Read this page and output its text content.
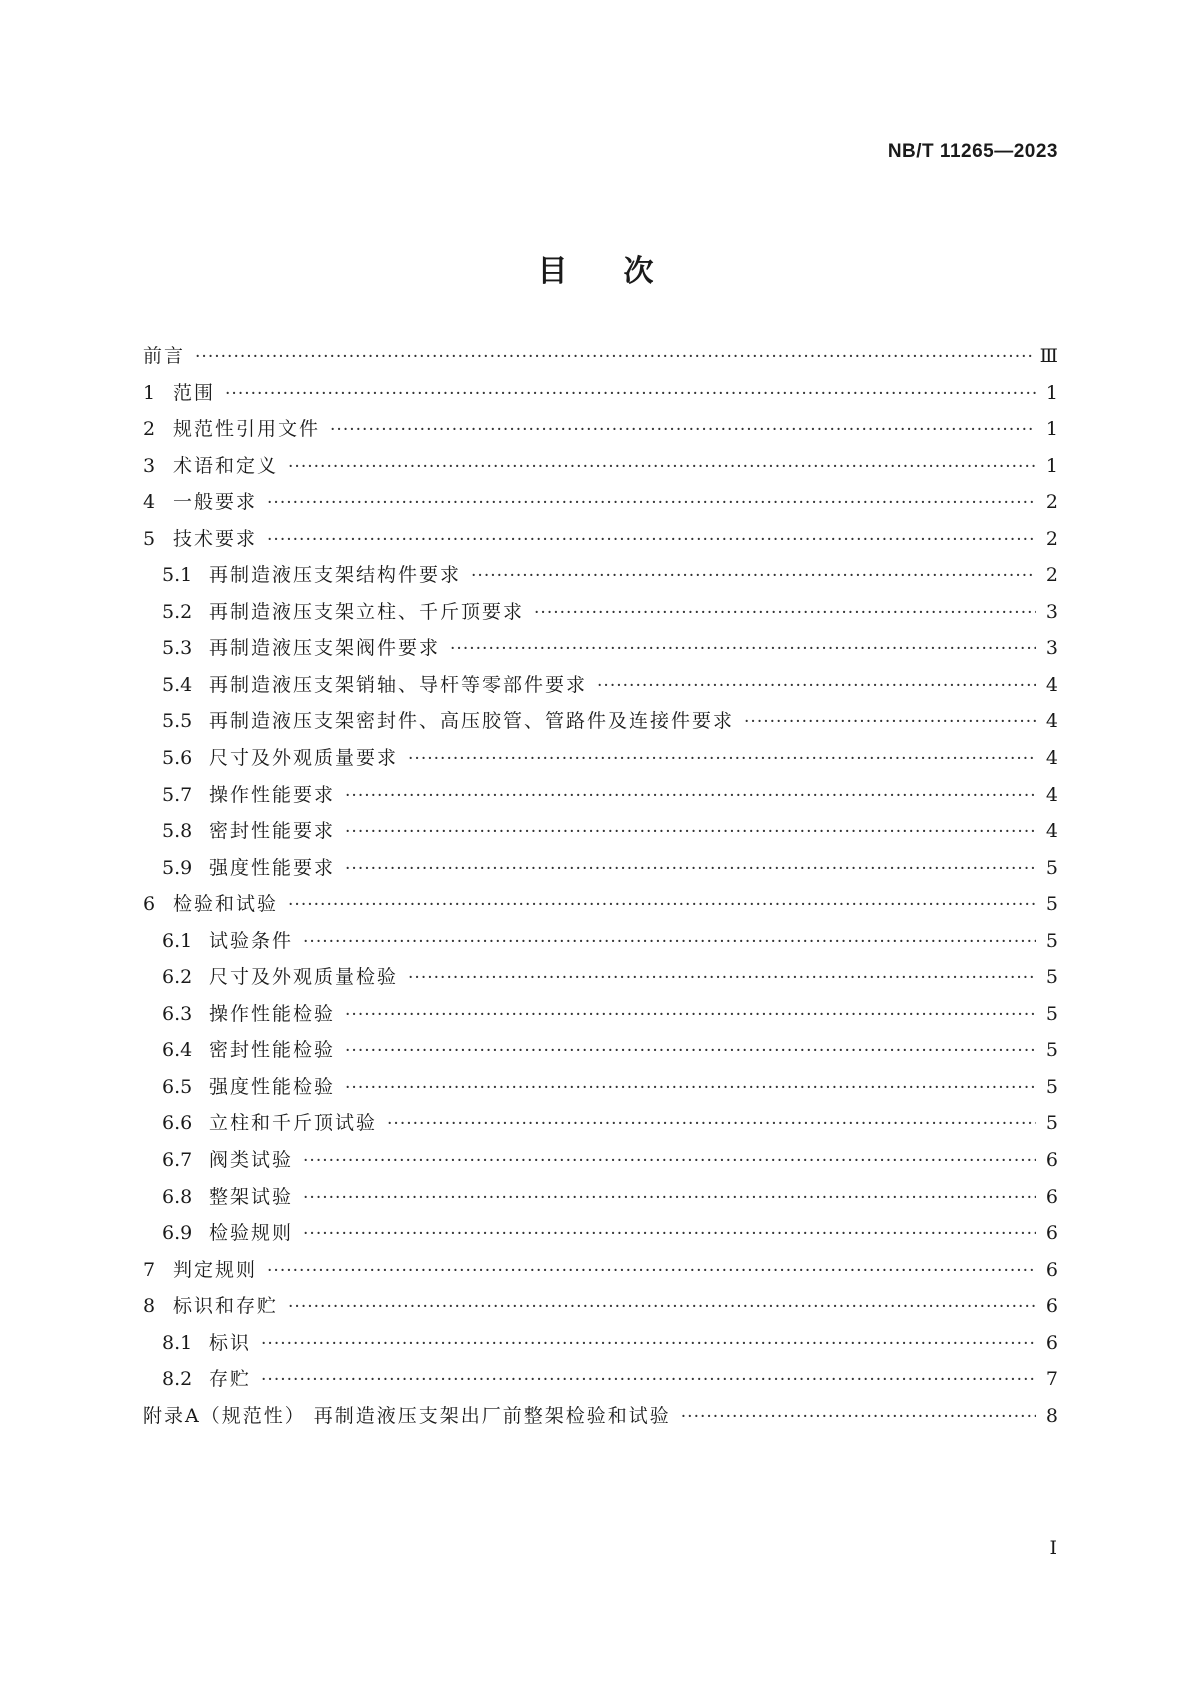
NB/T 11265—2023
目次
前言 ·····	Ⅲ
1 范围 ·····	1
2 规范性引用文件 ·····	1
3 术语和定义 ·····	1
4 一般要求 ·····	2
5 技术要求 ·····	2
5.1 再制造液压支架结构件要求 ·····	2
5.2 再制造液压支架立柱、千斤顶要求 ·····	3
5.3 再制造液压支架阀件要求 ·····	3
5.4 再制造液压支架销轴、导杆等零部件要求 ·····	4
5.5 再制造液压支架密封件、高压胶管、管路件及连接件要求 ·····	4
5.6 尺寸及外观质量要求 ·····	4
5.7 操作性能要求 ·····	4
5.8 密封性能要求 ·····	4
5.9 强度性能要求 ·····	5
6 检验和试验 ·····	5
6.1 试验条件 ·····	5
6.2 尺寸及外观质量检验 ·····	5
6.3 操作性能检验 ·····	5
6.4 密封性能检验 ·····	5
6.5 强度性能检验 ·····	5
6.6 立柱和千斤顶试验 ·····	5
6.7 阀类试验 ·····	6
6.8 整架试验 ·····	6
6.9 检验规则 ·····	6
7 判定规则 ·····	6
8 标识和存贮 ·····	6
8.1 标识 ·····	6
8.2 存贮 ·····	7
附录A（规范性） 再制造液压支架出厂前整架检验和试验 ·····	8
Ⅰ
